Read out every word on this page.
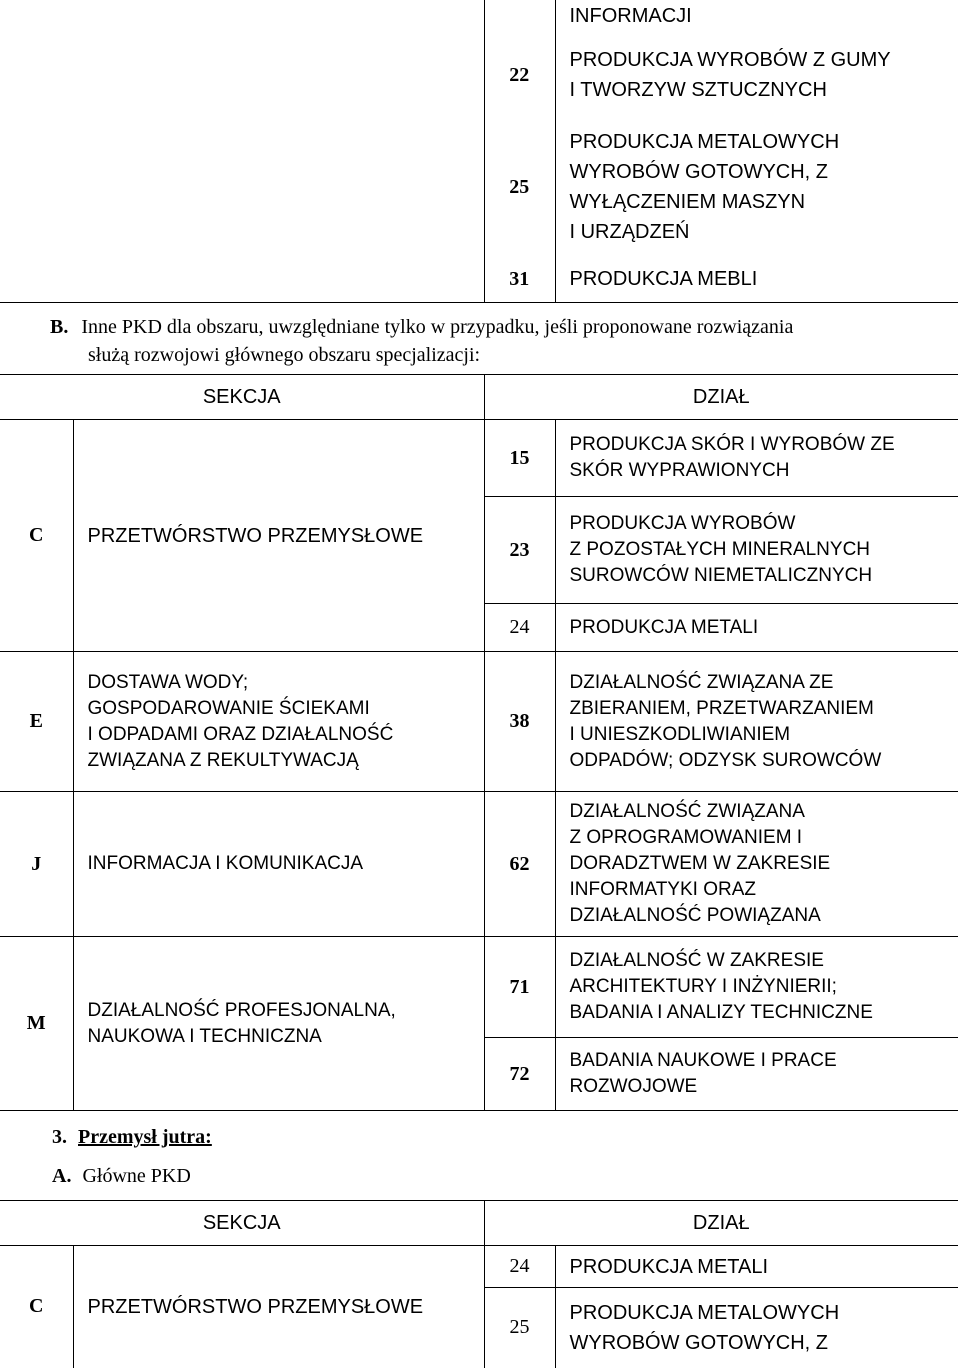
		INFORMACJI
	22	PRODUKCJA WYROBÓW Z GUMY
I TWORZYW SZTUCZNYCH
	25	PRODUKCJA METALOWYCH
WYROBÓW GOTOWYCH, Z
WYŁĄCZENIEM MASZYN
I URZĄDZEŃ
	31	PRODUKCJA MEBLI
B. Inne PKD dla obszaru, uwzględniane tylko w przypadku, jeśli proponowane rozwiązania
służą rozwojowi głównego obszaru specjalizacji:
SEKCJA		DZIAŁ	
C	PRZETWÓRSTWO PRZEMYSŁOWE	15	PRODUKCJA SKÓR I WYROBÓW ZE
SKÓR WYPRAWIONYCH
		23	PRODUKCJA WYROBÓW
Z POZOSTAŁYCH MINERALNYCH
SUROWCÓW NIEMETALICZNYCH
		24	PRODUKCJA METALI
E	DOSTAWA WODY;
GOSPODAROWANIE ŚCIEKAMI
I ODPADAMI ORAZ DZIAŁALNOŚĆ
ZWIĄZANA Z REKULTYWACJĄ	38	DZIAŁALNOŚĆ ZWIĄZANA ZE
ZBIERANIEM, PRZETWARZANIEM
I UNIESZKODLIWIANIEM
ODPADÓW; ODZYSK SUROWCÓW
J	INFORMACJA I KOMUNIKACJA	62	DZIAŁALNOŚĆ ZWIĄZANA
Z OPROGRAMOWANIEM I
DORADZTWEM W ZAKRESIE
INFORMATYKI ORAZ
DZIAŁALNOŚĆ POWIĄZANA
M	DZIAŁALNOŚĆ PROFESJONALNA,
NAUKOWA I TECHNICZNA	71	DZIAŁALNOŚĆ W ZAKRESIE
ARCHITEKTURY I INŻYNIERII;
BADANIA I ANALIZY TECHNICZNE
		72	BADANIA NAUKOWE I PRACE
ROZWOJOWE
3. Przemysł jutra:
A. Główne PKD
SEKCJA		DZIAŁ	
C	PRZETWÓRSTWO PRZEMYSŁOWE	24	PRODUKCJA METALI
		25	PRODUKCJA METALOWYCH
WYROBÓW GOTOWYCH, Z
